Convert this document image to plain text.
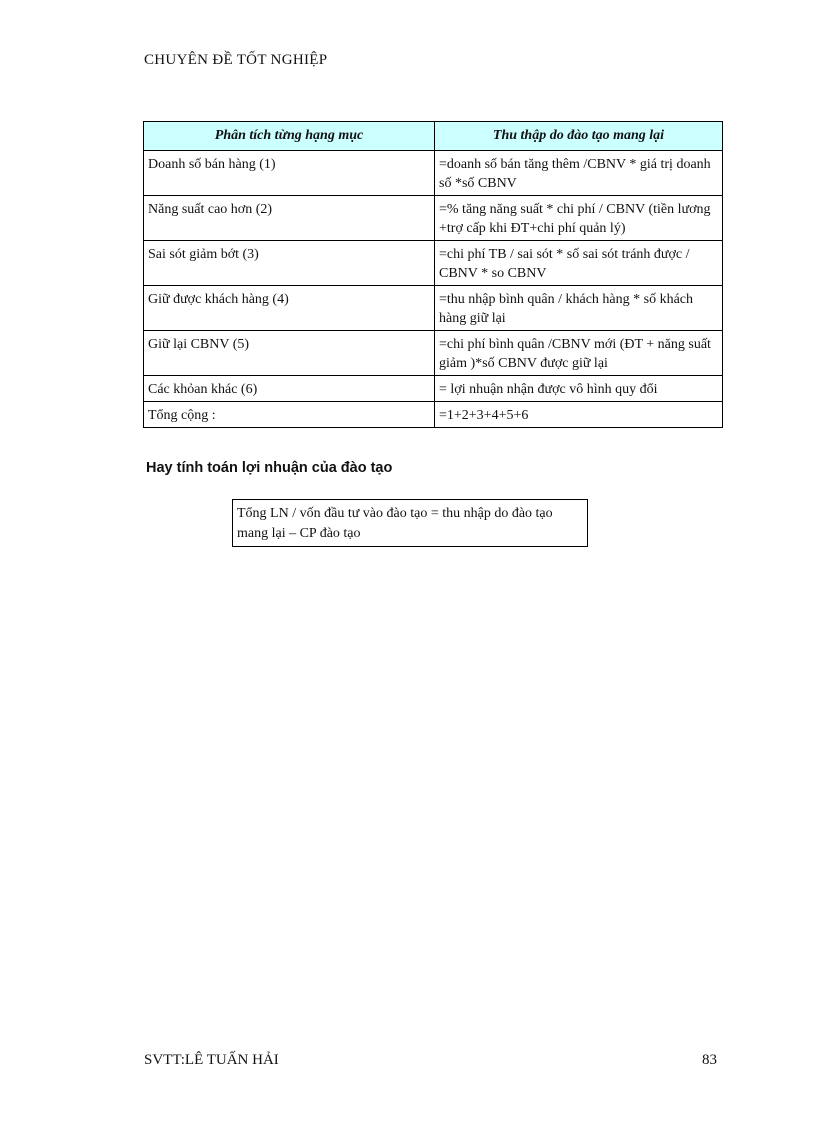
CHUYÊN ĐỀ TỐT NGHIỆP
Phân tích từng hạng mục	Thu thập do đào tạo mang lại
Doanh số bán hàng (1)	=doanh số bán tăng thêm /CBNV * giá trị doanh số *số CBNV
Năng suất cao hơn (2)	=% tăng năng suất * chi phí / CBNV (tiền lương +trợ cấp khi ĐT+chi phí quản lý)
Sai sót giảm bớt (3)	=chi phí TB / sai sót * số sai sót tránh được / CBNV * so CBNV
Giữ được khách hàng (4)	=thu nhập bình quân / khách hàng * số khách hàng giữ lại
Giữ lại CBNV (5)	=chi phí bình quân /CBNV mới (ĐT + năng suất giảm )*số CBNV được giữ lại
Các khỏan khác (6)	= lợi nhuận nhận được vô hình quy đổi
Tổng cộng :	=1+2+3+4+5+6
Hay tính toán lợi nhuận của đào tạo
Tổng LN / vốn đầu tư vào đào tạo = thu nhập do đào tạo mang lại – CP đào tạo
SVTT:LÊ TUẤN HẢI	83
